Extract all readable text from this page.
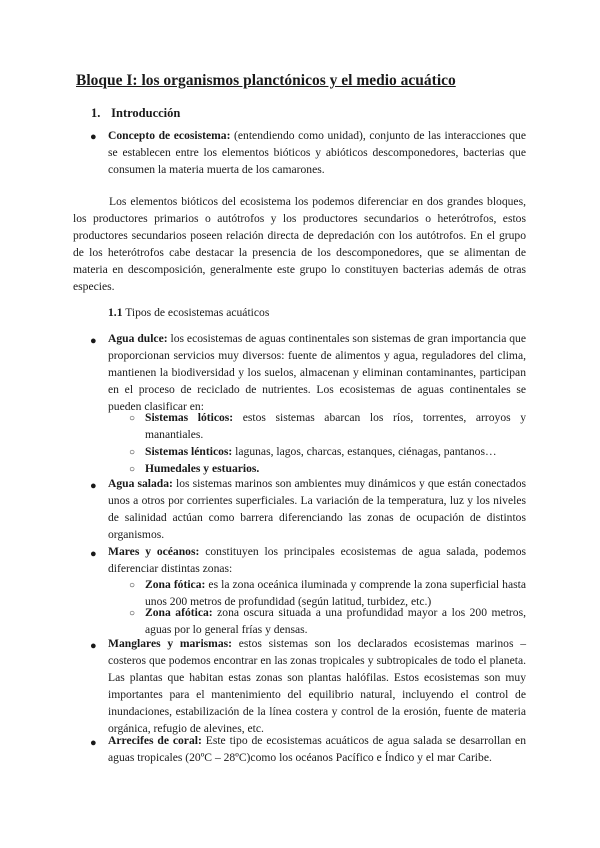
Bloque I: los organismos planctónicos y el medio acuático
1. Introducción
● Concepto de ecosistema: (entendiendo como unidad), conjunto de las interacciones que se establecen entre los elementos bióticos y abióticos descomponedores, bacterias que consumen la materia muerta de los camarones.
Los elementos bióticos del ecosistema los podemos diferenciar en dos grandes bloques, los productores primarios o autótrofos y los productores secundarios o heterótrofos, estos productores secundarios poseen relación directa de depredación con los autótrofos. En el grupo de los heterótrofos cabe destacar la presencia de los descomponedores, que se alimentan de materia en descomposición, generalmente este grupo lo constituyen bacterias además de otras especies.
1.1 Tipos de ecosistemas acuáticos
● Agua dulce: los ecosistemas de aguas continentales son sistemas de gran importancia que proporcionan servicios muy diversos: fuente de alimentos y agua, reguladores del clima, mantienen la biodiversidad y los suelos, almacenan y eliminan contaminantes, participan en el proceso de reciclado de nutrientes. Los ecosistemas de aguas continentales se pueden clasificar en:
○ Sistemas lóticos: estos sistemas abarcan los ríos, torrentes, arroyos y manantiales.
○ Sistemas lénticos: lagunas, lagos, charcas, estanques, ciénagas, pantanos…
○ Humedales y estuarios.
● Agua salada: los sistemas marinos son ambientes muy dinámicos y que están conectados unos a otros por corrientes superficiales. La variación de la temperatura, luz y los niveles de salinidad actúan como barrera diferenciando las zonas de ocupación de distintos organismos.
● Mares y océanos: constituyen los principales ecosistemas de agua salada, podemos diferenciar distintas zonas:
○ Zona fótica: es la zona oceánica iluminada y comprende la zona superficial hasta unos 200 metros de profundidad (según latitud, turbidez, etc.)
○ Zona afótica: zona oscura situada a una profundidad mayor a los 200 metros, aguas por lo general frías y densas.
● Manglares y marismas: estos sistemas son los declarados ecosistemas marinos – costeros que podemos encontrar en las zonas tropicales y subtropicales de todo el planeta. Las plantas que habitan estas zonas son plantas halófilas. Estos ecosistemas son muy importantes para el mantenimiento del equilibrio natural, incluyendo el control de inundaciones, estabilización de la línea costera y control de la erosión, fuente de materia orgánica, refugio de alevines, etc.
● Arrecifes de coral: Este tipo de ecosistemas acuáticos de agua salada se desarrollan en aguas tropicales (20ºC – 28ºC)como los océanos Pacífico e Índico y el mar Caribe.
